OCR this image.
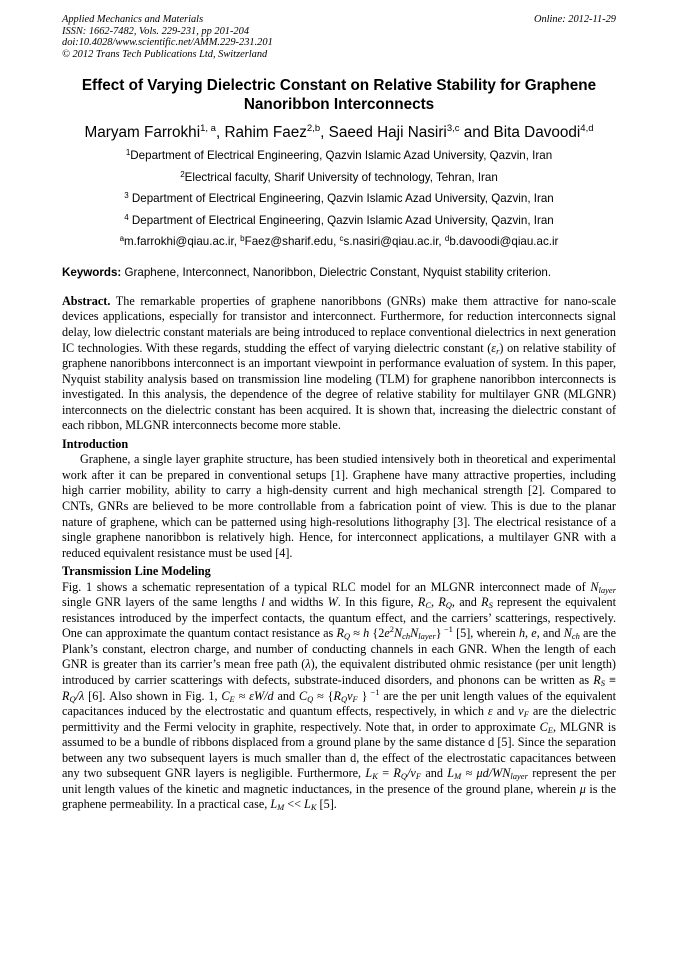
Applied Mechanics and Materials	Online: 2012-11-29
ISSN: 1662-7482, Vols. 229-231, pp 201-204
doi:10.4028/www.scientific.net/AMM.229-231.201
© 2012 Trans Tech Publications Ltd, Switzerland
Effect of Varying Dielectric Constant on Relative Stability for Graphene Nanoribbon Interconnects
Maryam Farrokhi$^{1, a}$, Rahim Faez$^{2,b}$, Saeed Haji Nasiri$^{3,c}$ and Bita Davoodi$^{4,d}$
$^1$Department of Electrical Engineering, Qazvin Islamic Azad University, Qazvin, Iran
$^2$Electrical faculty, Sharif University of technology, Tehran, Iran
$^3$ Department of Electrical Engineering, Qazvin Islamic Azad University, Qazvin, Iran
$^4$ Department of Electrical Engineering, Qazvin Islamic Azad University, Qazvin, Iran
$^a$m.farrokhi@qiau.ac.ir, $^b$Faez@sharif.edu, $^c$s.nasiri@qiau.ac.ir, $^d$b.davoodi@qiau.ac.ir
Keywords: Graphene, Interconnect, Nanoribbon, Dielectric Constant, Nyquist stability criterion.

Abstract. The remarkable properties of graphene nanoribbons (GNRs) make them attractive for nano-scale devices applications, especially for transistor and interconnect. Furthermore, for reduction interconnects signal delay, low dielectric constant materials are being introduced to replace conventional dielectrics in next generation IC technologies. With these regards, studding the effect of varying dielectric constant $(\varepsilon_r)$ on relative stability of graphene nanoribbons interconnect is an important viewpoint in performance evaluation of system. In this paper, Nyquist stability analysis based on transmission line modeling (TLM) for graphene nanoribbon interconnects is investigated. In this analysis, the dependence of the degree of relative stability for multilayer GNR (MLGNR) interconnects on the dielectric constant has been acquired. It is shown that, increasing the dielectric constant of each ribbon, MLGNR interconnects become more stable.

Introduction

Graphene, a single layer graphite structure, has been studied intensively both in theoretical and experimental work after it can be prepared in conventional setups [1]. Graphene have many attractive properties, including high carrier mobility, ability to carry a high-density current and high mechanical strength [2]. Compared to CNTs, GNRs are believed to be more controllable from a fabrication point of view. This is due to the planar nature of graphene, which can be patterned using high-resolutions lithography [3]. The electrical resistance of a single graphene nanoribbon is relatively high. Hence, for interconnect applications, a multilayer GNR with a reduced equivalent resistance must be used [4].

Transmission Line Modeling

Fig. 1 shows a schematic representation of a typical RLC model for an MLGNR interconnect made of $N_{layer}$ single GNR layers of the same lengths l and widths W. In this figure, $R_C$, $R_Q$, and $R_S$ represent the equivalent resistances introduced by the imperfect contacts, the quantum effect, and the carriers’ scatterings, respectively. One can approximate the quantum contact resistance as $R_Q \approx h$ $\{2e^2N_{ch}N_{layer}\}$ $^{-1}$ [5], wherein h, e, and $N_{ch}$ are the Plank’s constant, electron charge, and number of conducting channels in each GNR. When the length of each GNR is greater than its carrier’s mean free path (λ), the equivalent distributed ohmic resistance (per unit length) introduced by carrier scatterings with defects, substrate-induced disorders, and phonons can be written as $R_S \equiv R_Q/\lambda$ [6]. Also shown in Fig. 1, $C_E \approx \varepsilon W/d$ and $C_Q \approx \{R_Qv_F$ } $^{-1}$ are the per unit length values of the equivalent capacitances induced by the electrostatic and quantum effects, respectively, in which ε and $v_F$ are the dielectric permittivity and the Fermi velocity in graphite, respectively. Note that, in order to approximate $C_E$, MLGNR is assumed to be a bundle of ribbons displaced from a ground plane by the same distance d [5]. Since the separation between any two subsequent layers is much smaller than d, the effect of the electrostatic capacitances between any two subsequent GNR layers is negligible. Furthermore, $L_K = R_Q/v_F$ and $L_M \approx \mu d/WN_{layer}$ represent the per unit length values of the kinetic and magnetic inductances, in the presence of the ground plane, wherein μ is the graphene permeability. In a practical case, $L_M << L_K$ [5].
